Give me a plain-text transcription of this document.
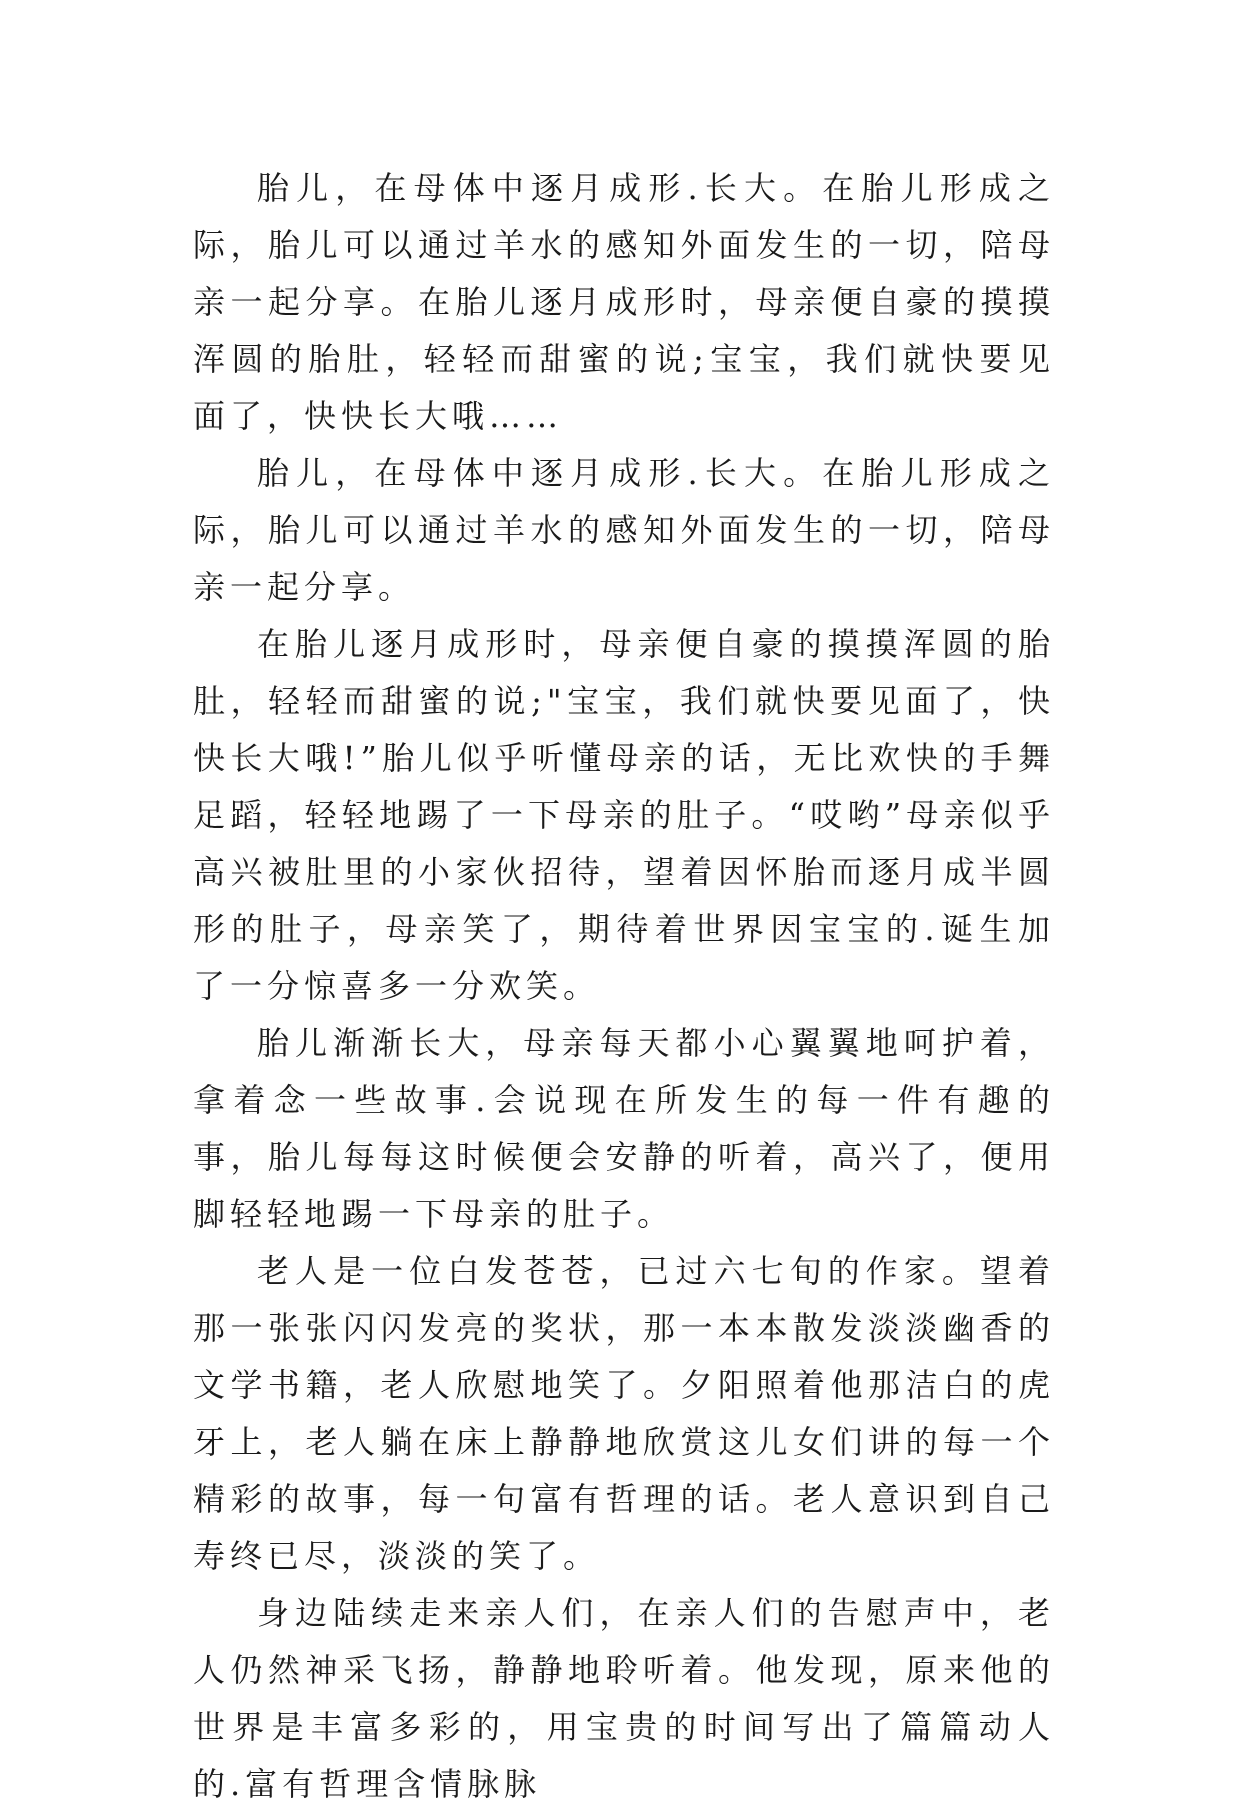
胎儿，在母体中逐月成形.长大。在胎儿形成之际，胎儿可以通过羊水的感知外面发生的一切，陪母亲一起分享。在胎儿逐月成形时，母亲便自豪的摸摸浑圆的胎肚，轻轻而甜蜜的说;宝宝，我们就快要见面了，快快长大哦……

胎儿，在母体中逐月成形.长大。在胎儿形成之际，胎儿可以通过羊水的感知外面发生的一切，陪母亲一起分享。

在胎儿逐月成形时，母亲便自豪的摸摸浑圆的胎肚，轻轻而甜蜜的说;"宝宝，我们就快要见面了，快快长大哦!”胎儿似乎听懂母亲的话，无比欢快的手舞足蹈，轻轻地踢了一下母亲的肚子。“哎哟”母亲似乎高兴被肚里的小家伙招待，望着因怀胎而逐月成半圆形的肚子，母亲笑了，期待着世界因宝宝的.诞生加了一分惊喜多一分欢笑。

胎儿渐渐长大，母亲每天都小心翼翼地呵护着，拿着念一些故事.会说现在所发生的每一件有趣的事，胎儿每每这时候便会安静的听着，高兴了，便用脚轻轻地踢一下母亲的肚子。

老人是一位白发苍苍，已过六七旬的作家。望着那一张张闪闪发亮的奖状，那一本本散发淡淡幽香的文学书籍，老人欣慰地笑了。夕阳照着他那洁白的虎牙上，老人躺在床上静静地欣赏这儿女们讲的每一个精彩的故事，每一句富有哲理的话。老人意识到自己寿终已尽，淡淡的笑了。

身边陆续走来亲人们，在亲人们的告慰声中，老人仍然神采飞扬，静静地聆听着。他发现，原来他的世界是丰富多彩的，用宝贵的时间写出了篇篇动人的.富有哲理含情脉脉
